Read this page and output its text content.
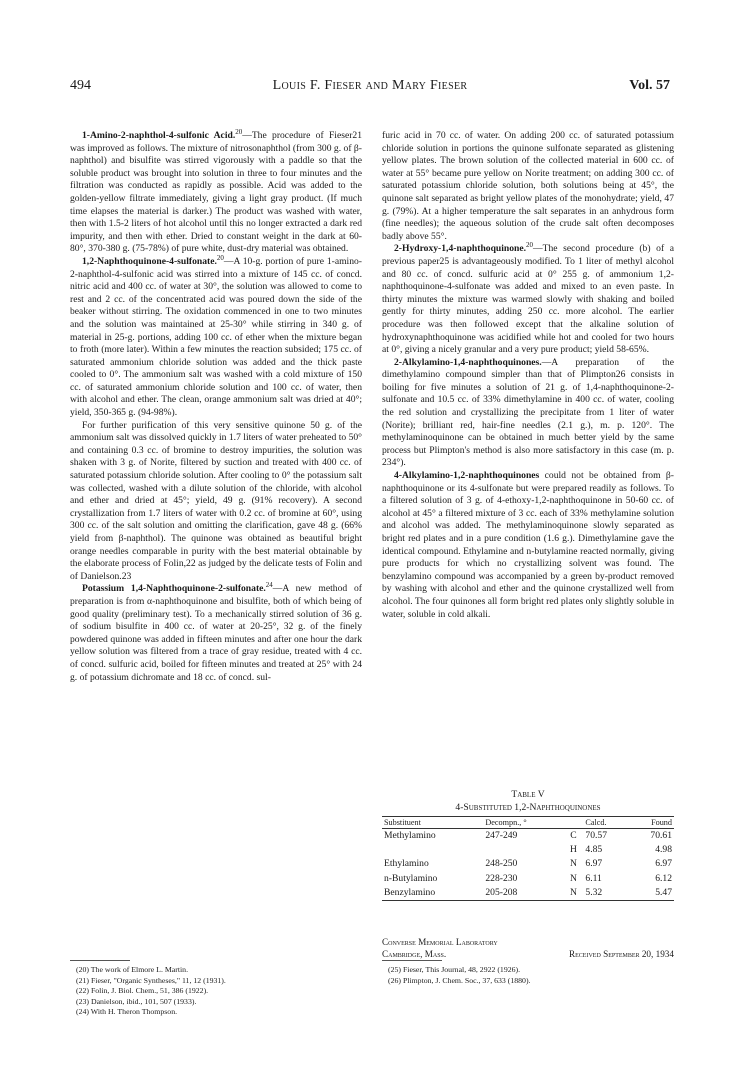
494	Louis F. Fieser and Mary Fieser	Vol. 57

1-Amino-2-naphthol-4-sulfonic Acid.$^{20}$—The procedure of Fieser21 was improved as follows. The mixture of nitrosonaphthol (from 300 g. of β-naphthol) and bisulfite was stirred vigorously with a paddle so that the soluble product was brought into solution in three to four minutes and the filtration was conducted as rapidly as possible. Acid was added to the golden-yellow filtrate immediately, giving a light gray product. (If much time elapses the material is darker.) The product was washed with water, then with 1.5-2 liters of hot alcohol until this no longer extracted a dark red impurity, and then with ether. Dried to constant weight in the dark at 60-80°, 370-380 g. (75-78%) of pure white, dust-dry material was obtained.

1,2-Naphthoquinone-4-sulfonate.$^{20}$—A 10-g. portion of pure 1-amino-2-naphthol-4-sulfonic acid was stirred into a mixture of 145 cc. of concd. nitric acid and 400 cc. of water at 30°, the solution was allowed to come to rest and 2 cc. of the concentrated acid was poured down the side of the beaker without stirring. The oxidation commenced in one to two minutes and the solution was maintained at 25-30° while stirring in 340 g. of material in 25-g. portions, adding 100 cc. of ether when the mixture began to froth (more later). Within a few minutes the reaction subsided; 175 cc. of saturated ammonium chloride solution was added and the thick paste cooled to 0°. The ammonium salt was washed with a cold mixture of 150 cc. of saturated ammonium chloride solution and 100 cc. of water, then with alcohol and ether. The clean, orange ammonium salt was dried at 40°; yield, 350-365 g. (94-98%).

For further purification of this very sensitive quinone 50 g. of the ammonium salt was dissolved quickly in 1.7 liters of water preheated to 50° and containing 0.3 cc. of bromine to destroy impurities, the solution was shaken with 3 g. of Norite, filtered by suction and treated with 400 cc. of saturated potassium chloride solution. After cooling to 0° the potassium salt was collected, washed with a dilute solution of the chloride, with alcohol and ether and dried at 45°; yield, 49 g. (91% recovery). A second crystallization from 1.7 liters of water with 0.2 cc. of bromine at 60°, using 300 cc. of the salt solution and omitting the clarification, gave 48 g. (66% yield from β-naphthol). The quinone was obtained as beautiful bright orange needles comparable in purity with the best material obtainable by the elaborate process of Folin,22 as judged by the delicate tests of Folin and of Danielson.23

Potassium 1,4-Naphthoquinone-2-sulfonate.$^{24}$—A new method of preparation is from α-naphthoquinone and bisulfite, both of which being of good quality (preliminary test). To a mechanically stirred solution of 36 g. of sodium bisulfite in 400 cc. of water at 20-25°, 32 g. of the finely powdered quinone was added in fifteen minutes and after one hour the dark yellow solution was filtered from a trace of gray residue, treated with 4 cc. of concd. sulfuric acid, boiled for fifteen minutes and treated at 25° with 24 g. of potassium dichromate and 18 cc. of concd. sul-

furic acid in 70 cc. of water. On adding 200 cc. of saturated potassium chloride solution in portions the quinone sulfonate separated as glistening yellow plates. The brown solution of the collected material in 600 cc. of water at 55° became pure yellow on Norite treatment; on adding 300 cc. of saturated potassium chloride solution, both solutions being at 45°, the quinone salt separated as bright yellow plates of the monohydrate; yield, 47 g. (79%). At a higher temperature the salt separates in an anhydrous form (fine needles); the aqueous solution of the crude salt often decomposes badly above 55°.

2-Hydroxy-1,4-naphthoquinone.$^{20}$—The second procedure (b) of a previous paper25 is advantageously modified. To 1 liter of methyl alcohol and 80 cc. of concd. sulfuric acid at 0° 255 g. of ammonium 1,2-naphthoquinone-4-sulfonate was added and mixed to an even paste. In thirty minutes the mixture was warmed slowly with shaking and boiled gently for thirty minutes, adding 250 cc. more alcohol. The earlier procedure was then followed except that the alkaline solution of hydroxynaphthoquinone was acidified while hot and cooled for two hours at 0°, giving a nicely granular and a very pure product; yield 58-65%.

2-Alkylamino-1,4-naphthoquinones.—A preparation of the dimethylamino compound simpler than that of Plimpton26 consists in boiling for five minutes a solution of 21 g. of 1,4-naphthoquinone-2-sulfonate and 10.5 cc. of 33% dimethylamine in 400 cc. of water, cooling the red solution and crystallizing the precipitate from 1 liter of water (Norite); brilliant red, hair-fine needles (2.1 g.), m. p. 120°. The methylaminoquinone can be obtained in much better yield by the same process but Plimpton's method is also more satisfactory in this case (m. p. 234°).

4-Alkylamino-1,2-naphthoquinones could not be obtained from β-naphthoquinone or its 4-sulfonate but were prepared readily as follows. To a filtered solution of 3 g. of 4-ethoxy-1,2-naphthoquinone in 50-60 cc. of alcohol at 45° a filtered mixture of 3 cc. each of 33% methylamine solution and alcohol was added. The methylaminoquinone slowly separated as bright red plates and in a pure condition (1.6 g.). Dimethylamine gave the identical compound. Ethylamine and n-butylamine reacted normally, giving pure products for which no crystallizing solvent was found. The benzylamino compound was accompanied by a green by-product removed by washing with alcohol and ether and the quinone crystallized well from alcohol. The four quinones all form bright red plates only slightly soluble in water, soluble in cold alkali.

Table V
4-Substituted 1,2-Naphthoquinones
Substituent	Decompn., °		Calcd.	Found
Methylamino	247-249	C	70.57	70.61
		H	4.85	4.98
Ethylamino	248-250	N	6.97	6.97
n-Butylamino	228-230	N	6.11	6.12
Benzylamino	205-208	N	5.32	5.47
Converse Memorial Laboratory
Cambridge, Mass.	Received September 20, 1934
(20) The work of Elmore L. Martin.
(21) Fieser, "Organic Syntheses," 11, 12 (1931).
(22) Folin, J. Biol. Chem., 51, 386 (1922).
(23) Danielson, ibid., 101, 507 (1933).
(24) With H. Theron Thompson.
(25) Fieser, This Journal, 48, 2922 (1926).
(26) Plimpton, J. Chem. Soc., 37, 633 (1880).
